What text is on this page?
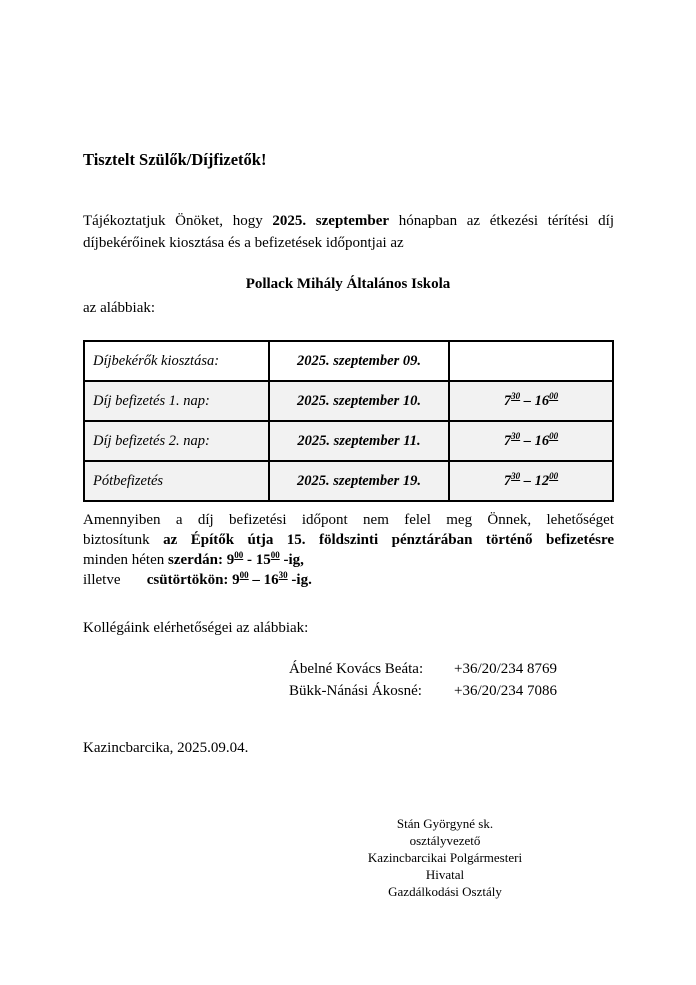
Tisztelt Szülők/Díjfizetők!

Tájékoztatjuk Önöket, hogy 2025. szeptember hónapban az étkezési térítési díj

díjbekérőinek kiosztása és a befizetések időpontjai az

Pollack Mihály Általános Iskola
az alábbiak:
Díjbekérők kiosztása:	2025. szeptember 09.	
Díj befizetés 1. nap:	2025. szeptember 10.	$7^{30} - 16^{00}$
Díj befizetés 2. nap:	2025. szeptember 11.	$7^{30} - 16^{00}$
Pótbefizetés	2025. szeptember 19.	$7^{30} - 12^{00}$

Amennyiben a díj befizetési időpont nem felel meg Önnek, lehetőséget

biztosítunk az Építők útja 15. földszinti pénztárában történő befizetésre

minden héten szerdán: $9^{00} - 15^{00}$ -ig,

illetve csütörtökön: $9^{00} - 16^{30}$ -ig.

Kollégáink elérhetőségei az alábbiak:
Ábelné Kovács Beáta: +36/20/234 8769
Bükk-Nánási Ákosné: +36/20/234 7086
Kazincbarcika, 2025.09.04.
Stán Györgyné sk.
osztályvezető
Kazincbarcikai Polgármesteri Hivatal
Gazdálkodási Osztály
